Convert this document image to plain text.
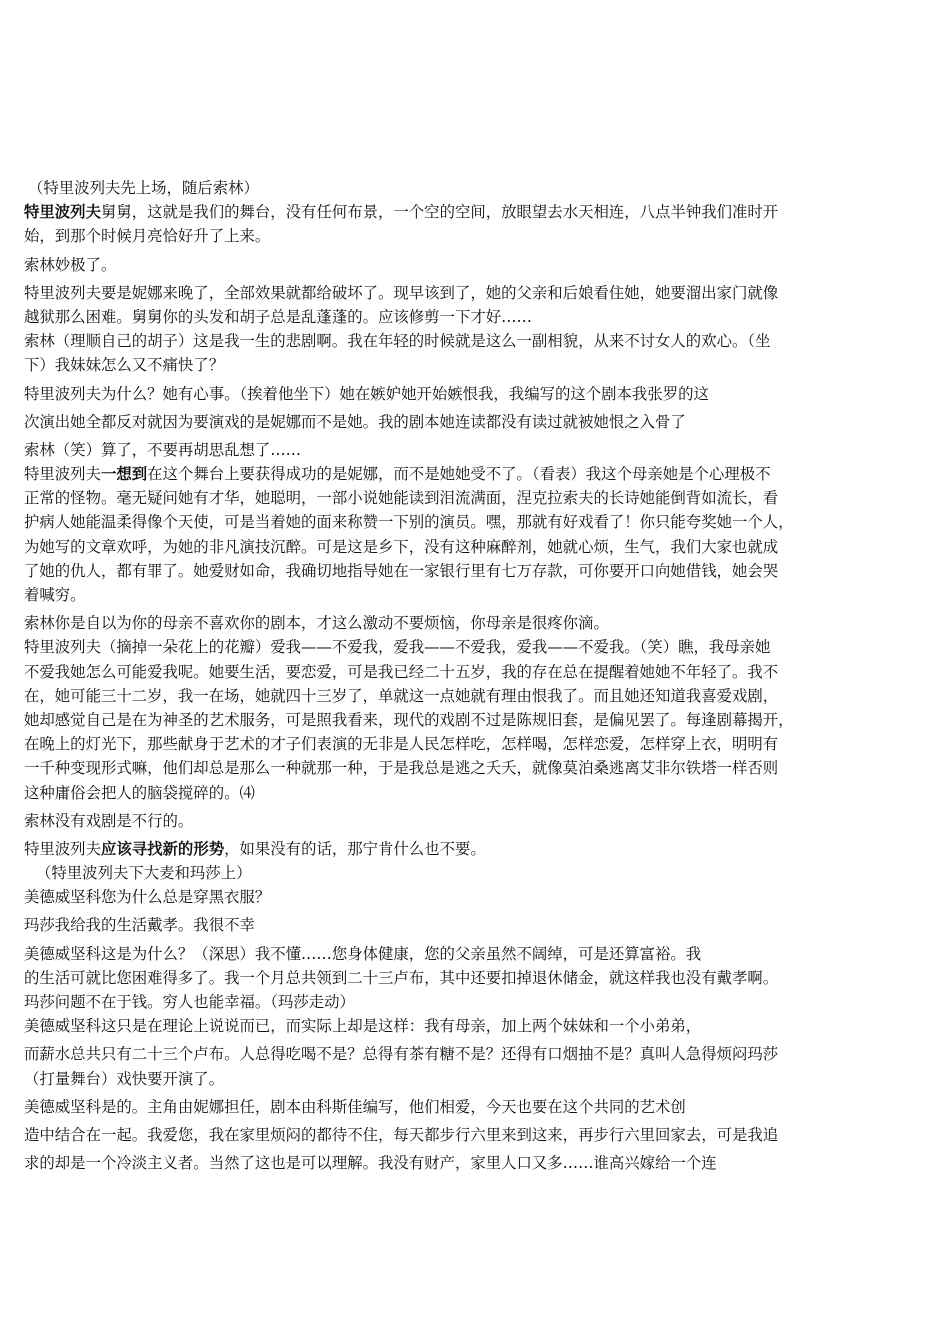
（特里波列夫先上场，随后索林）
特里波列夫舅舅，这就是我们的舞台，没有任何布景，一个空的空间，放眼望去水天相连，八点半钟我们准时开
始，到那个时候月亮恰好升了上来。
索林妙极了。
特里波列夫要是妮娜来晚了，全部效果就都给破坏了。现早该到了，她的父亲和后娘看住她，她要溜出家门就像
越狱那么困难。舅舅你的头发和胡子总是乱蓬蓬的。应该修剪一下才好……
索林（理顺自己的胡子）这是我一生的悲剧啊。我在年轻的时候就是这么一副相貌，从来不讨女人的欢心。（坐
下）我妹妹怎么又不痛快了？
特里波列夫为什么？她有心事。（挨着他坐下）她在嫉妒她开始嫉恨我，我编写的这个剧本我张罗的这
次演出她全都反对就因为要演戏的是妮娜而不是她。我的剧本她连读都没有读过就被她恨之入骨了
索林（笑）算了，不要再胡思乱想了……
特里波列夫一想到在这个舞台上要获得成功的是妮娜，而不是她她受不了。（看表）我这个母亲她是个心理极不
正常的怪物。毫无疑问她有才华，她聪明，一部小说她能读到泪流满面，涅克拉索夫的长诗她能倒背如流长，看
护病人她能温柔得像个天使，可是当着她的面来称赞一下别的演员。嘿，那就有好戏看了！你只能夸奖她一个人，
为她写的文章欢呼，为她的非凡演技沉醉。可是这是乡下，没有这种麻醉剂，她就心烦，生气，我们大家也就成
了她的仇人，都有罪了。她爱财如命，我确切地指导她在一家银行里有七万存款，可你要开口向她借钱，她会哭
着喊穷。
索林你是自以为你的母亲不喜欢你的剧本，才这么激动不要烦恼，你母亲是很疼你滴。
特里波列夫（摘掉一朵花上的花瓣）爱我——不爱我，爱我——不爱我，爱我——不爱我。（笑）瞧，我母亲她
不爱我她怎么可能爱我呢。她要生活，要恋爱，可是我已经二十五岁，我的存在总在提醒着她她不年轻了。我不
在，她可能三十二岁，我一在场，她就四十三岁了，单就这一点她就有理由恨我了。而且她还知道我喜爱戏剧，
她却感觉自己是在为神圣的艺术服务，可是照我看来，现代的戏剧不过是陈规旧套，是偏见罢了。每逢剧幕揭开，
在晚上的灯光下，那些献身于艺术的才子们表演的无非是人民怎样吃，怎样喝，怎样恋爱，怎样穿上衣，明明有
一千种变现形式嘛，他们却总是那么一种就那一种，于是我总是逃之夭夭，就像莫泊桑逃离艾非尔铁塔一样否则
这种庸俗会把人的脑袋搅碎的。⑷
索林没有戏剧是不行的。
特里波列夫应该寻找新的形势，如果没有的话，那宁肯什么也不要。
（特里波列夫下大麦和玛莎上）
美德威坚科您为什么总是穿黑衣服？
玛莎我给我的生活戴孝。我很不幸
美德威坚科这是为什么？（深思）我不懂……您身体健康，您的父亲虽然不阔绰，可是还算富裕。我
的生活可就比您困难得多了。我一个月总共领到二十三卢布，其中还要扣掉退休储金，就这样我也没有戴孝啊。
玛莎问题不在于钱。穷人也能幸福。（玛莎走动）
美德威坚科这只是在理论上说说而已，而实际上却是这样：我有母亲，加上两个妹妹和一个小弟弟，
而薪水总共只有二十三个卢布。人总得吃喝不是？总得有茶有糖不是？还得有口烟抽不是？真叫人急得烦闷玛莎
（打量舞台）戏快要开演了。
美德威坚科是的。主角由妮娜担任，剧本由科斯佳编写，他们相爱，今天也要在这个共同的艺术创
造中结合在一起。我爱您，我在家里烦闷的都待不住，每天都步行六里来到这来，再步行六里回家去，可是我追
求的却是一个冷淡主义者。当然了这也是可以理解。我没有财产，家里人口又多……谁高兴嫁给一个连
